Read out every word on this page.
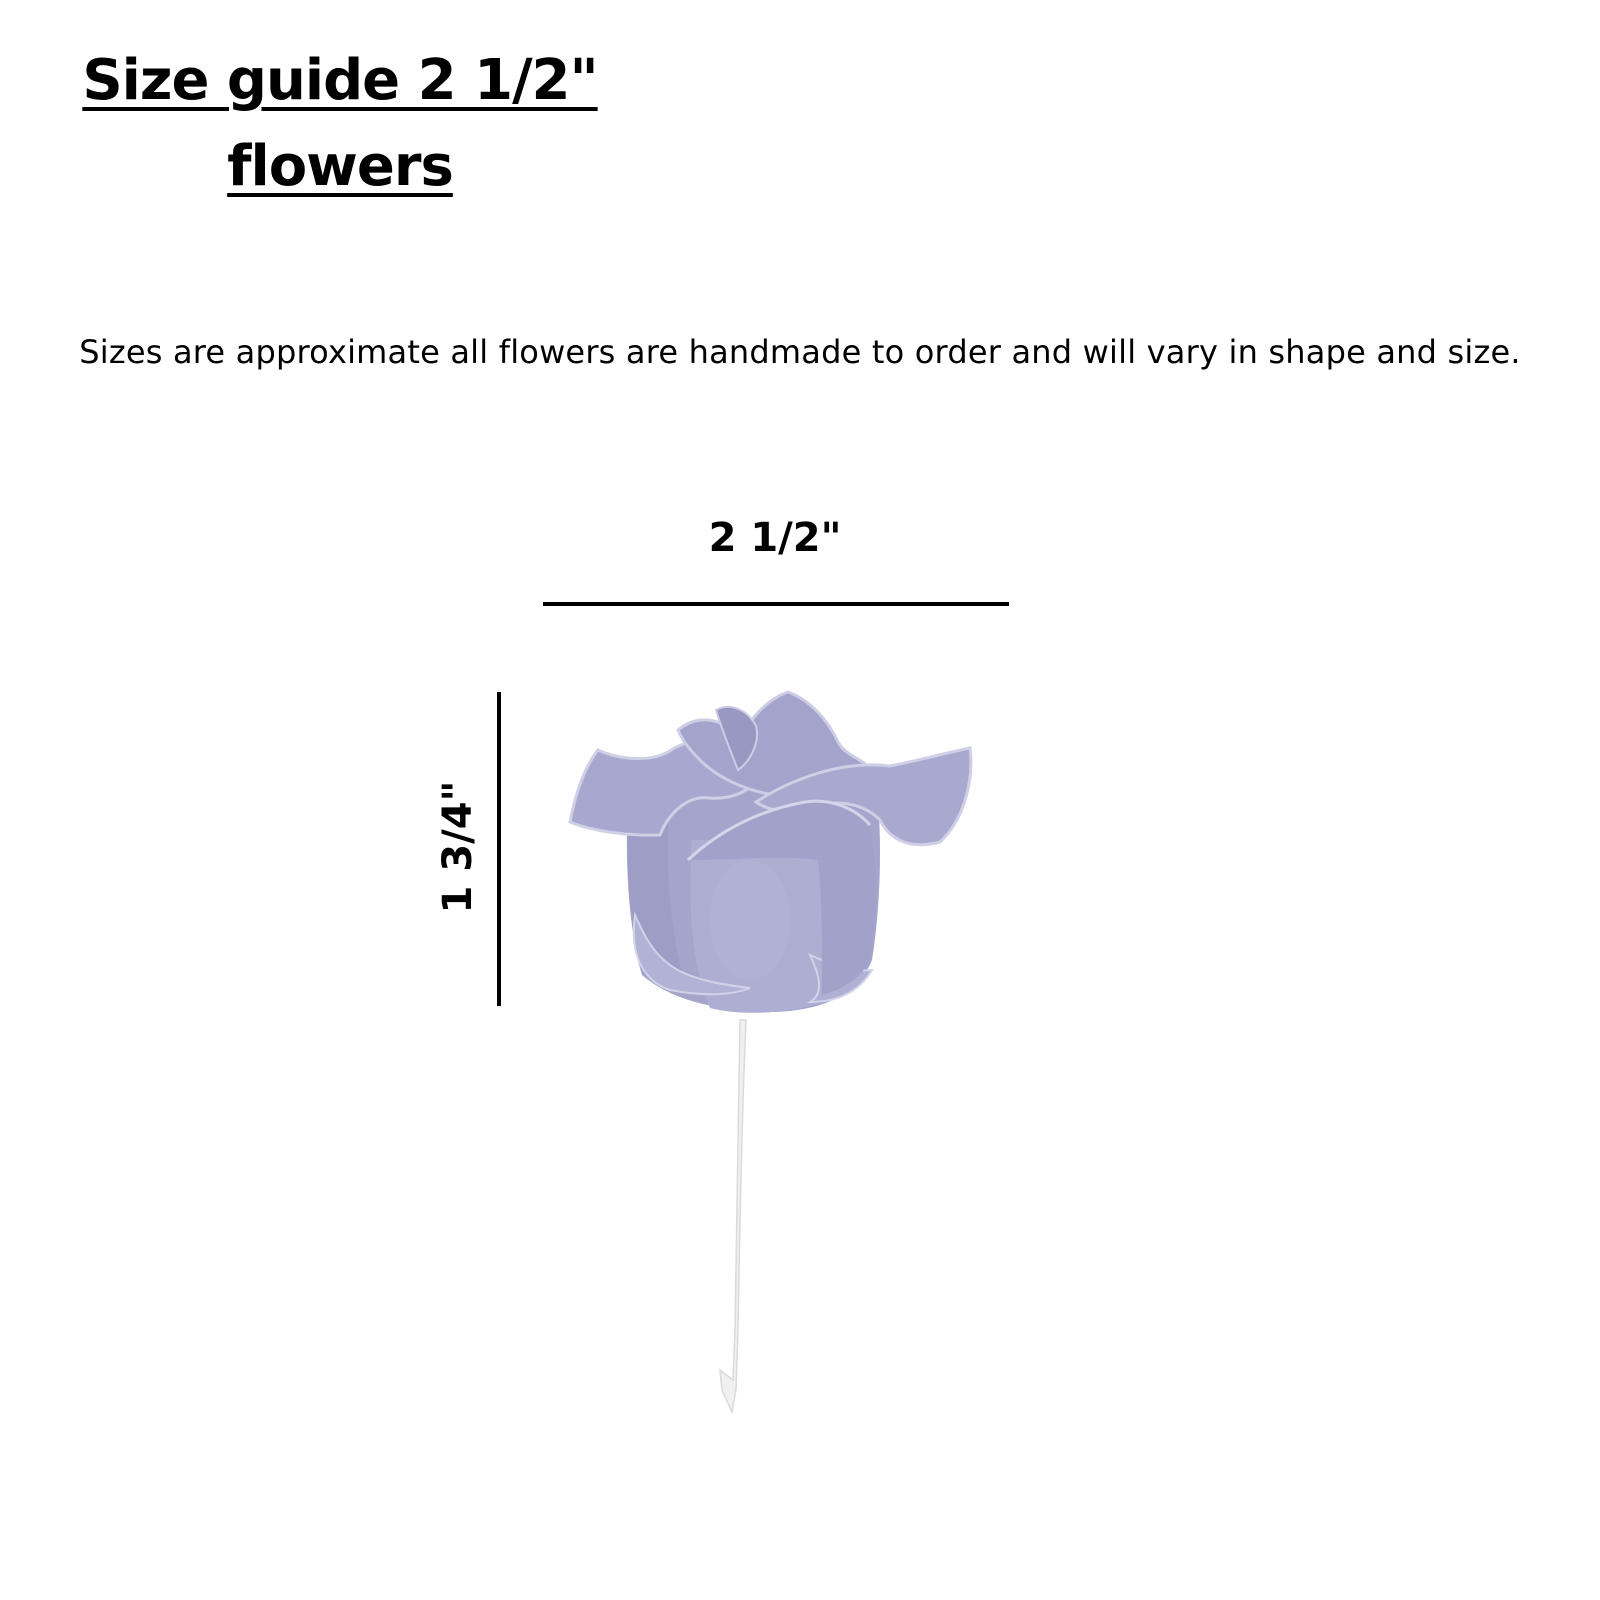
Size guide 2 1/2"
flowers
Sizes are approximate all flowers are handmade to order and will vary in shape and size.
2 1/2"
1 3/4"
